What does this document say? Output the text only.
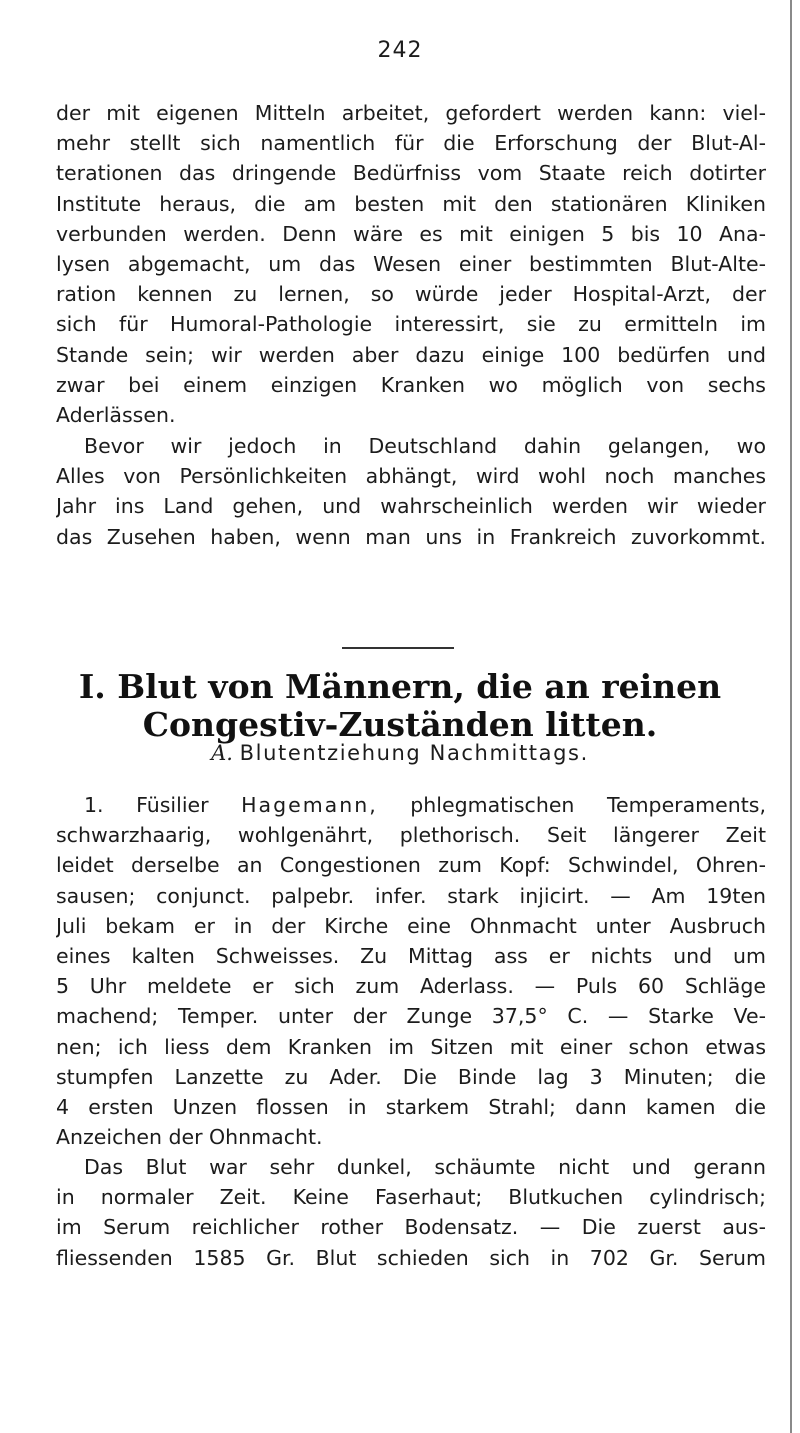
242
der mit eigenen Mitteln arbeitet, gefordert werden kann: viel-
mehr stellt sich namentlich für die Erforschung der Blut-Al-
terationen das dringende Bedürfniss vom Staate reich dotirter
Institute heraus, die am besten mit den stationären Kliniken
verbunden werden. Denn wäre es mit einigen 5 bis 10 Ana-
lysen abgemacht, um das Wesen einer bestimmten Blut-Alte-
ration kennen zu lernen, so würde jeder Hospital-Arzt, der
sich für Humoral-Pathologie interessirt, sie zu ermitteln im
Stande sein; wir werden aber dazu einige 100 bedürfen und
zwar bei einem einzigen Kranken wo möglich von sechs
Aderlässen.
Bevor wir jedoch in Deutschland dahin gelangen, wo
Alles von Persönlichkeiten abhängt, wird wohl noch manches
Jahr ins Land gehen, und wahrscheinlich werden wir wieder
das Zusehen haben, wenn man uns in Frankreich zuvorkommt.
I. Blut von Männern, die an reinen
Congestiv-Zuständen litten.
A. Blutentziehung Nachmittags.
1. Füsilier Hagemann, phlegmatischen Temperaments,
schwarzhaarig, wohlgenährt, plethorisch. Seit längerer Zeit
leidet derselbe an Congestionen zum Kopf: Schwindel, Ohren-
sausen; conjunct. palpebr. infer. stark injicirt. — Am 19ten
Juli bekam er in der Kirche eine Ohnmacht unter Ausbruch
eines kalten Schweisses. Zu Mittag ass er nichts und um
5 Uhr meldete er sich zum Aderlass. — Puls 60 Schläge
machend; Temper. unter der Zunge 37,5° C. — Starke Ve-
nen; ich liess dem Kranken im Sitzen mit einer schon etwas
stumpfen Lanzette zu Ader. Die Binde lag 3 Minuten; die
4 ersten Unzen flossen in starkem Strahl; dann kamen die
Anzeichen der Ohnmacht.
Das Blut war sehr dunkel, schäumte nicht und gerann
in normaler Zeit. Keine Faserhaut; Blutkuchen cylindrisch;
im Serum reichlicher rother Bodensatz. — Die zuerst aus-
fliessenden 1585 Gr. Blut schieden sich in 702 Gr. Serum
